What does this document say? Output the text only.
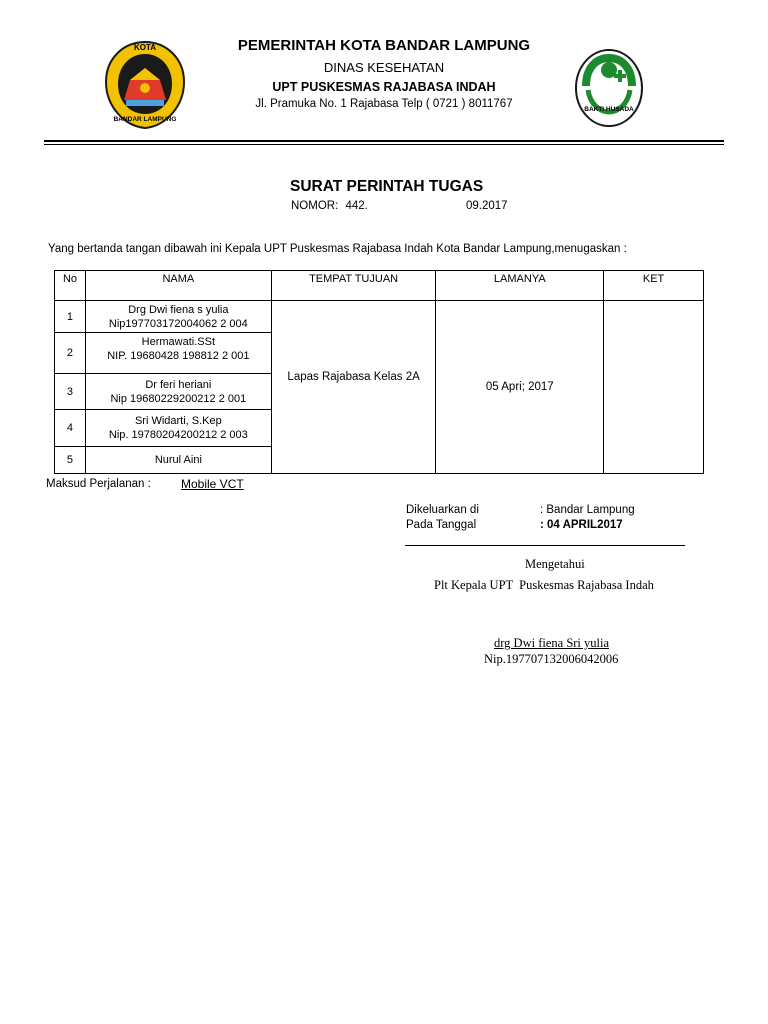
KOTA
BANDAR LAMPUNG
PEMERINTAH KOTA BANDAR LAMPUNG
DINAS KESEHATAN
UPT PUSKESMAS RAJABASA INDAH
Jl. Pramuka No. 1 Rajabasa Telp ( 0721 ) 8011767	BAKTI HUSADA
SURAT PERINTAH TUGAS
NOMOR: 442.	09.2017
Yang bertanda tangan dibawah ini Kepala UPT Puskesmas Rajabasa Indah Kota Bandar Lampung,menugaskan :
No	NAMA	TEMPAT TUJUAN	LAMANYA	KET
1	Drg Dwi fiena s yulia
Nip197703172004062 2 004	Lapas Rajabasa Kelas 2A	05 Apri; 2017	
2	Hermawati.SSt
NIP. 19680428 198812 2 001			

3	Dr feri heriani
Nip 19680229200212 2 001			

4	Sri Widarti, S.Kep
Nip. 19780204200212 2 003			

5	Nurul Aini			
Maksud Perjalanan :	Mobile VCT
Dikeluarkan di	: Bandar Lampung
Pada Tanggal	: 04 APRIL2017
Mengetahui
Plt Kepala UPT  Puskesmas Rajabasa Indah
drg Dwi fiena Sri yulia
Nip.197707132006042006
